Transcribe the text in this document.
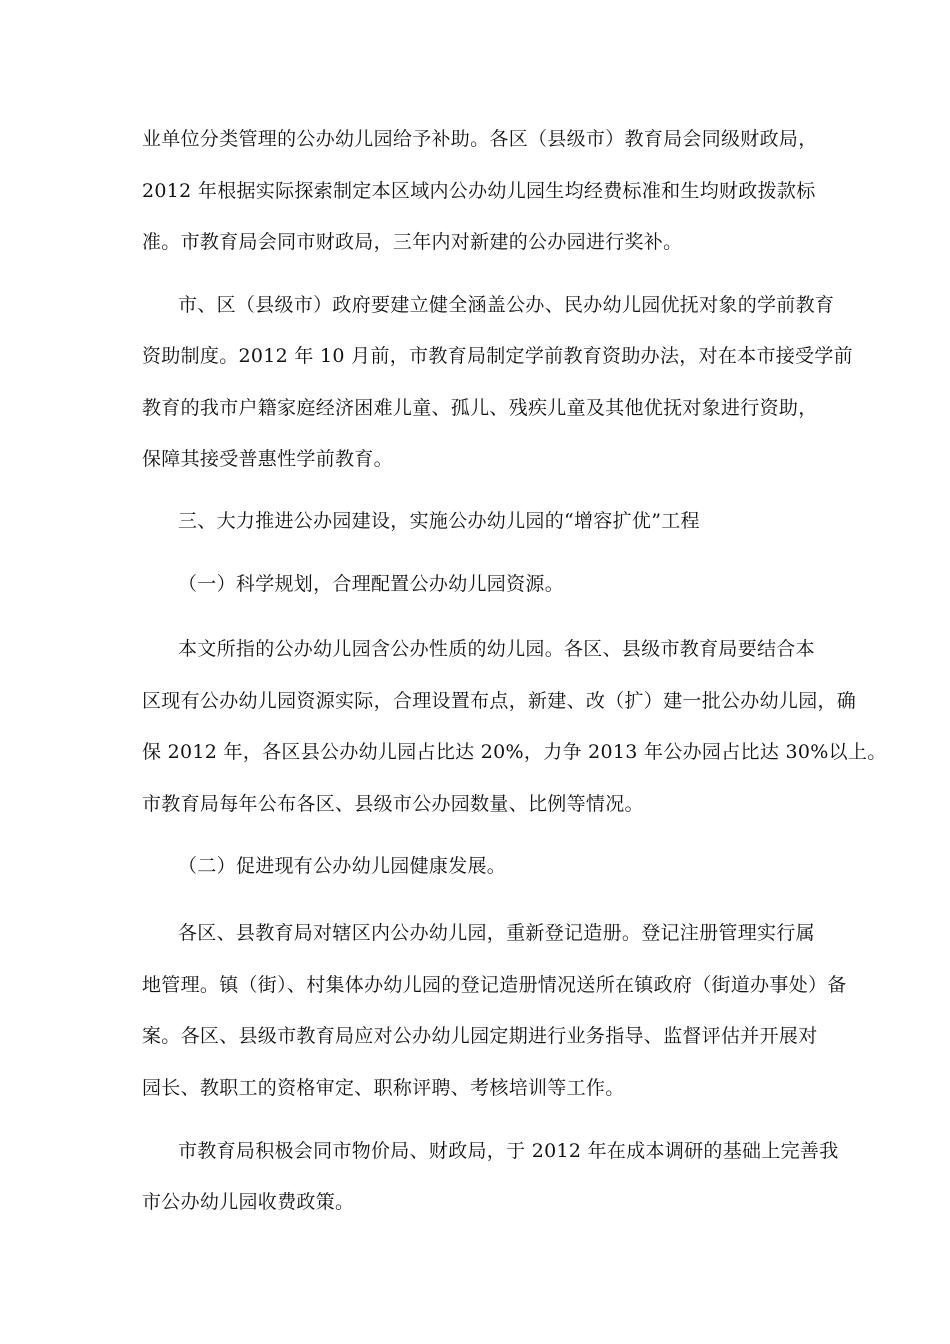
业单位分类管理的公办幼儿园给予补助。各区（县级市）教育局会同级财政局，
2012 年根据实际探索制定本区域内公办幼儿园生均经费标准和生均财政拨款标
准。市教育局会同市财政局，三年内对新建的公办园进行奖补。
市、区（县级市）政府要建立健全涵盖公办、民办幼儿园优抚对象的学前教育
资助制度。2012 年 10 月前，市教育局制定学前教育资助办法，对在本市接受学前
教育的我市户籍家庭经济困难儿童、孤儿、残疾儿童及其他优抚对象进行资助，
保障其接受普惠性学前教育。
三、大力推进公办园建设，实施公办幼儿园的“增容扩优”工程
（一）科学规划，合理配置公办幼儿园资源。
本文所指的公办幼儿园含公办性质的幼儿园。各区、县级市教育局要结合本
区现有公办幼儿园资源实际，合理设置布点，新建、改（扩）建一批公办幼儿园，确
保 2012 年，各区县公办幼儿园占比达 20%，力争 2013 年公办园占比达 30%以上。
市教育局每年公布各区、县级市公办园数量、比例等情况。
（二）促进现有公办幼儿园健康发展。
各区、县教育局对辖区内公办幼儿园，重新登记造册。登记注册管理实行属
地管理。镇（街）、村集体办幼儿园的登记造册情况送所在镇政府（街道办事处）备
案。各区、县级市教育局应对公办幼儿园定期进行业务指导、监督评估并开展对
园长、教职工的资格审定、职称评聘、考核培训等工作。
市教育局积极会同市物价局、财政局，于 2012 年在成本调研的基础上完善我
市公办幼儿园收费政策。
